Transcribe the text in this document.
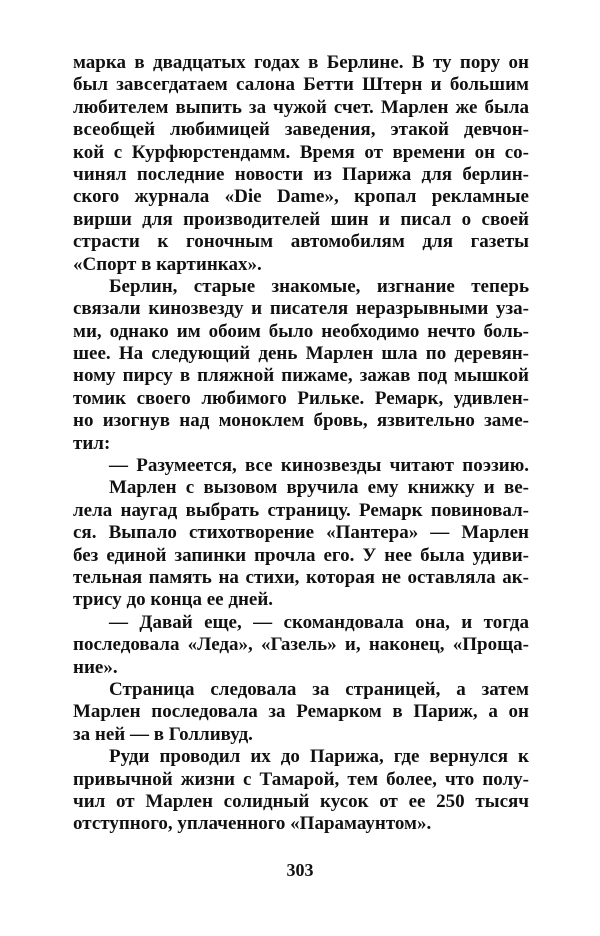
марка в двадцатых годах в Берлине. В ту пору он
был завсегдатаем салона Бетти Штерн и большим
любителем выпить за чужой счет. Марлен же была
всеобщей любимицей заведения, этакой девчон-
кой с Курфюрстендамм. Время от времени он со-
чинял последние новости из Парижа для берлин-
ского журнала «Die Dame», кропал рекламные
вирши для производителей шин и писал о своей
страсти к гоночным автомобилям для газеты
«Спорт в картинках».
Берлин, старые знакомые, изгнание теперь
связали кинозвезду и писателя неразрывными уза-
ми, однако им обоим было необходимо нечто боль-
шее. На следующий день Марлен шла по деревян-
ному пирсу в пляжной пижаме, зажав под мышкой
томик своего любимого Рильке. Ремарк, удивлен-
но изогнув над моноклем бровь, язвительно заме-
тил:
— Разумеется, все кинозвезды читают поэзию.
Марлен с вызовом вручила ему книжку и ве-
лела наугад выбрать страницу. Ремарк повиновал-
ся. Выпало стихотворение «Пантера» — Марлен
без единой запинки прочла его. У нее была удиви-
тельная память на стихи, которая не оставляла ак-
трису до конца ее дней.
— Давай еще, — скомандовала она, и тогда
последовала «Леда», «Газель» и, наконец, «Проща-
ние».
Страница следовала за страницей, а затем
Марлен последовала за Ремарком в Париж, а он
за ней — в Голливуд.
Руди проводил их до Парижа, где вернулся к
привычной жизни с Тамарой, тем более, что полу-
чил от Марлен солидный кусок от ее 250 тысяч
отступного, уплаченного «Парамаунтом».
303
